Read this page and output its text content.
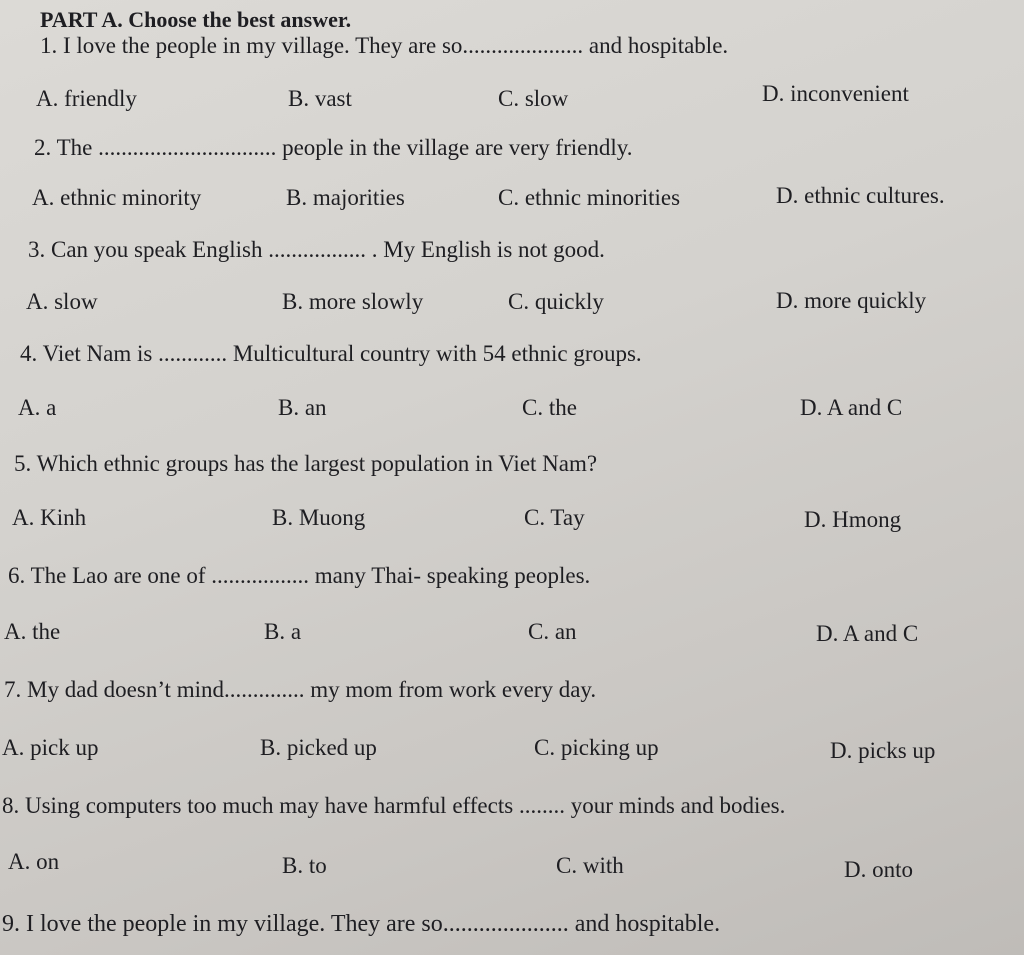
PART A. Choose the best answer.
1. I love the people in my village. They are so..................... and hospitable.
A. friendly	B. vast	C. slow	D. inconvenient
2. The ............................... people in the village are very friendly.
A. ethnic minority	B. majorities	C. ethnic minorities	D. ethnic cultures.
3. Can you speak English ................. . My English is not good.
A. slow	B. more slowly	C. quickly	D. more quickly
4. Viet Nam is ............ Multicultural country with 54 ethnic groups.
A. a	B. an	C. the	D. A and C
5. Which ethnic groups has the largest population in Viet Nam?
A. Kinh	B. Muong	C. Tay	D. Hmong
6. The Lao are one of ................. many Thai- speaking peoples.
A. the	B. a	C. an	D. A and C
7. My dad doesn’t mind.............. my mom from work every day.
A. pick up	B. picked up	C. picking up	D. picks up
8. Using computers too much may have harmful effects ........ your minds and bodies.
A. on	B. to	C. with	D. onto
9. I love the people in my village. They are so..................... and hospitable.
